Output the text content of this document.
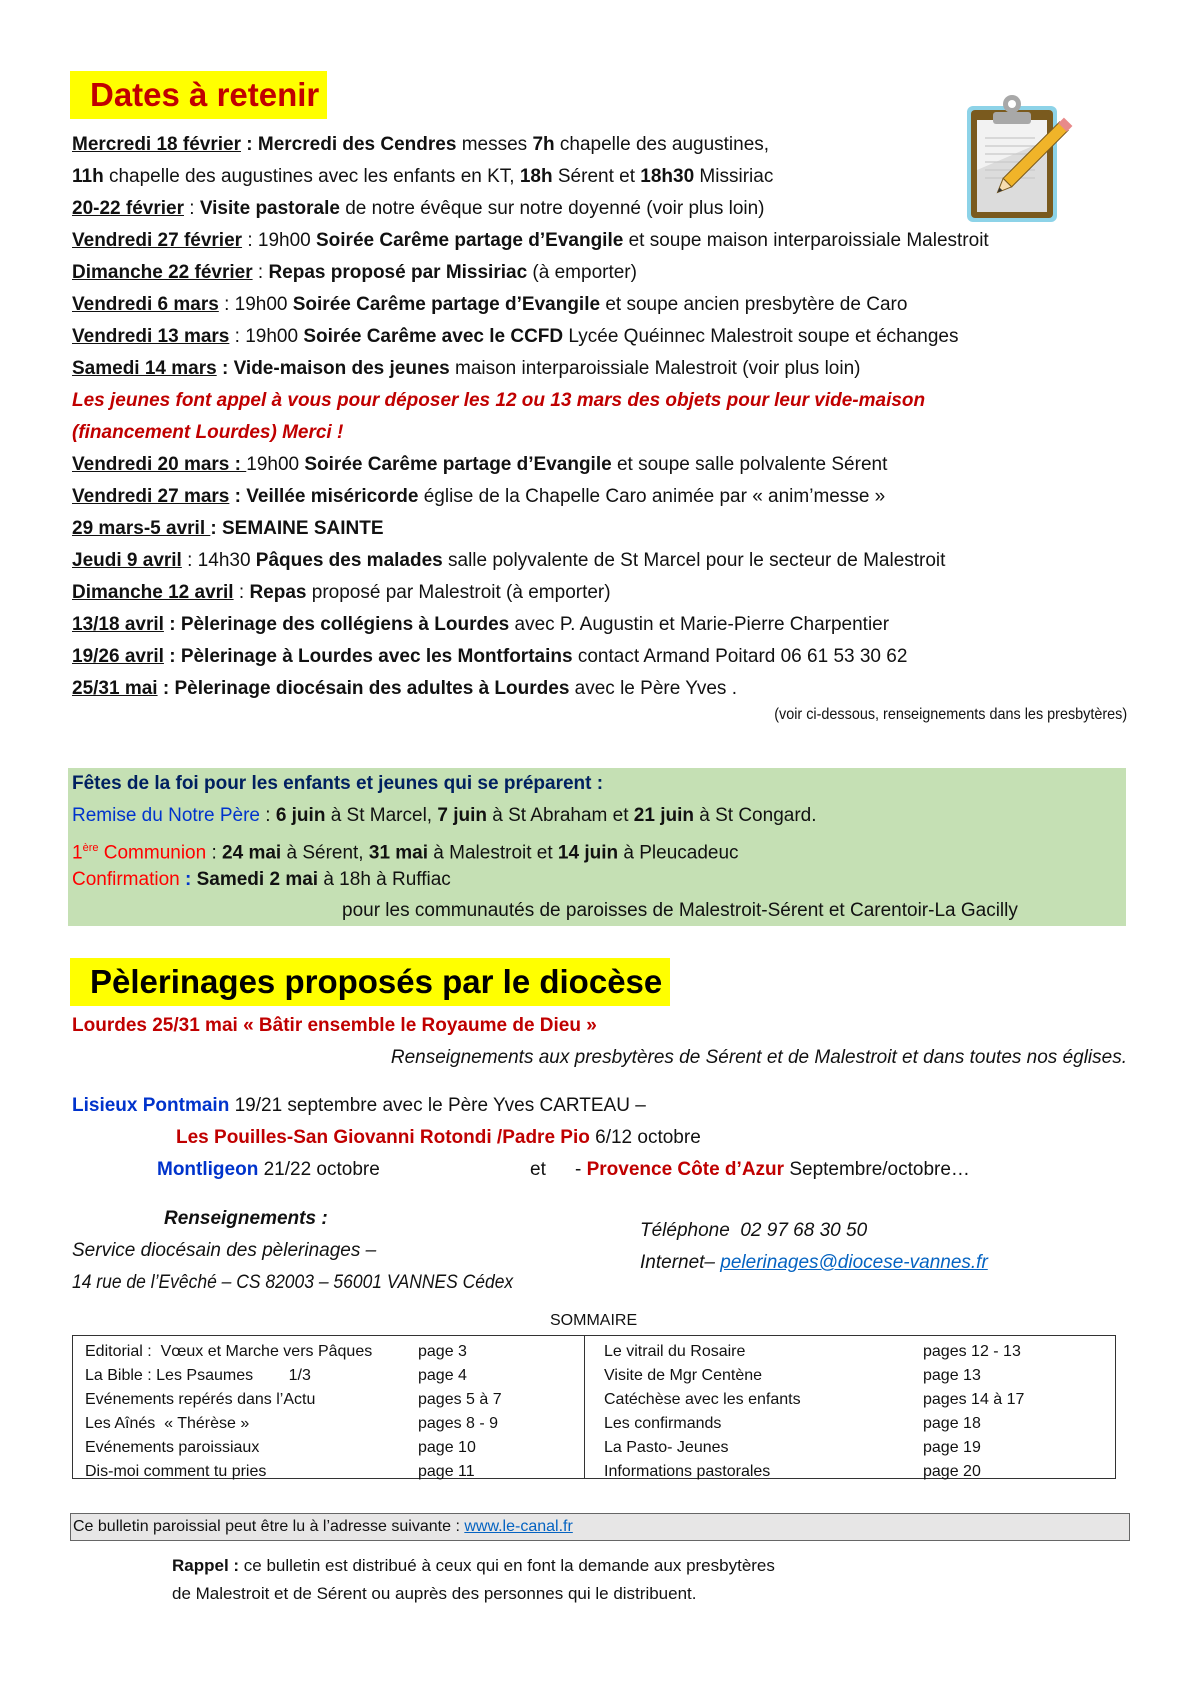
Dates à retenir
Mercredi 18 février : Mercredi des Cendres messes 7h chapelle des augustines,
11h chapelle des augustines avec les enfants en KT, 18h Sérent et 18h30 Missiriac
20-22 février : Visite pastorale de notre évêque sur notre doyenné (voir plus loin)
Vendredi 27 février : 19h00 Soirée Carême partage d’Evangile et soupe maison interparoissiale Malestroit
Dimanche 22 février : Repas proposé par Missiriac (à emporter)
Vendredi 6 mars : 19h00 Soirée Carême partage d’Evangile et soupe ancien presbytère de Caro
Vendredi 13 mars : 19h00 Soirée Carême avec le CCFD Lycée Quéinnec Malestroit soupe et échanges
Samedi 14 mars : Vide-maison des jeunes maison interparoissiale Malestroit (voir plus loin)
Les jeunes font appel à vous pour déposer les 12 ou 13 mars des objets pour leur vide-maison
(financement Lourdes) Merci !
Vendredi 20 mars : 19h00 Soirée Carême partage d’Evangile et soupe salle polvalente Sérent
Vendredi 27 mars : Veillée miséricorde église de la Chapelle Caro animée par « anim’messe »
29 mars-5 avril : SEMAINE SAINTE
Jeudi 9 avril : 14h30 Pâques des malades salle polyvalente de St Marcel pour le secteur de Malestroit
Dimanche 12 avril : Repas proposé par Malestroit (à emporter)
13/18 avril : Pèlerinage des collégiens à Lourdes avec P. Augustin et Marie-Pierre Charpentier
19/26 avril : Pèlerinage à Lourdes avec les Montfortains contact Armand Poitard 06 61 53 30 62
25/31 mai : Pèlerinage diocésain des adultes à Lourdes avec le Père Yves .
(voir ci-dessous, renseignements dans les presbytères)
Fêtes de la foi pour les enfants et jeunes qui se préparent :
Remise du Notre Père : 6 juin à St Marcel, 7 juin à St Abraham et 21 juin à St Congard.
1ère Communion : 24 mai à Sérent, 31 mai à Malestroit et 14 juin à Pleucadeuc
Confirmation : Samedi 2 mai à 18h à Ruffiac
pour les communautés de paroisses de Malestroit-Sérent et Carentoir-La Gacilly
Pèlerinages proposés par le diocèse
Lourdes 25/31 mai « Bâtir ensemble le Royaume de Dieu »
Renseignements aux presbytères de Sérent et de Malestroit et dans toutes nos églises.
Lisieux Pontmain 19/21 septembre avec le Père Yves CARTEAU –
Les Pouilles-San Giovanni Rotondi /Padre Pio 6/12 octobre
Montligeon 21/22 octobre	et - Provence Côte d’Azur Septembre/octobre…
Renseignements :
Service diocésain des pèlerinages –
14 rue de l’Evêché – CS 82003 – 56001 VANNES Cédex
Téléphone 02 97 68 30 50
Internet– pelerinages@diocese-vannes.fr
SOMMAIRE
Editorial :  Vœux et Marche vers Pâques	page 3
La Bible : Les Psaumes        1/3	page 4
Evénements repérés dans l’Actu	pages 5 à 7
Les Aînés  « Thérèse »	pages 8 - 9
Evénements paroissiaux	page 10
Dis-moi comment tu pries	page 11
Le vitrail du Rosaire	pages 12 - 13
Visite de Mgr Centène	page 13
Catéchèse avec les enfants	pages 14 à 17
Les confirmands	page 18
La Pasto- Jeunes	page 19
Informations pastorales	page 20
Ce bulletin paroissial peut être lu à l’adresse suivante : www.le-canal.fr
Rappel : ce bulletin est distribué à ceux qui en font la demande aux presbytères
de Malestroit et de Sérent ou auprès des personnes qui le distribuent.
